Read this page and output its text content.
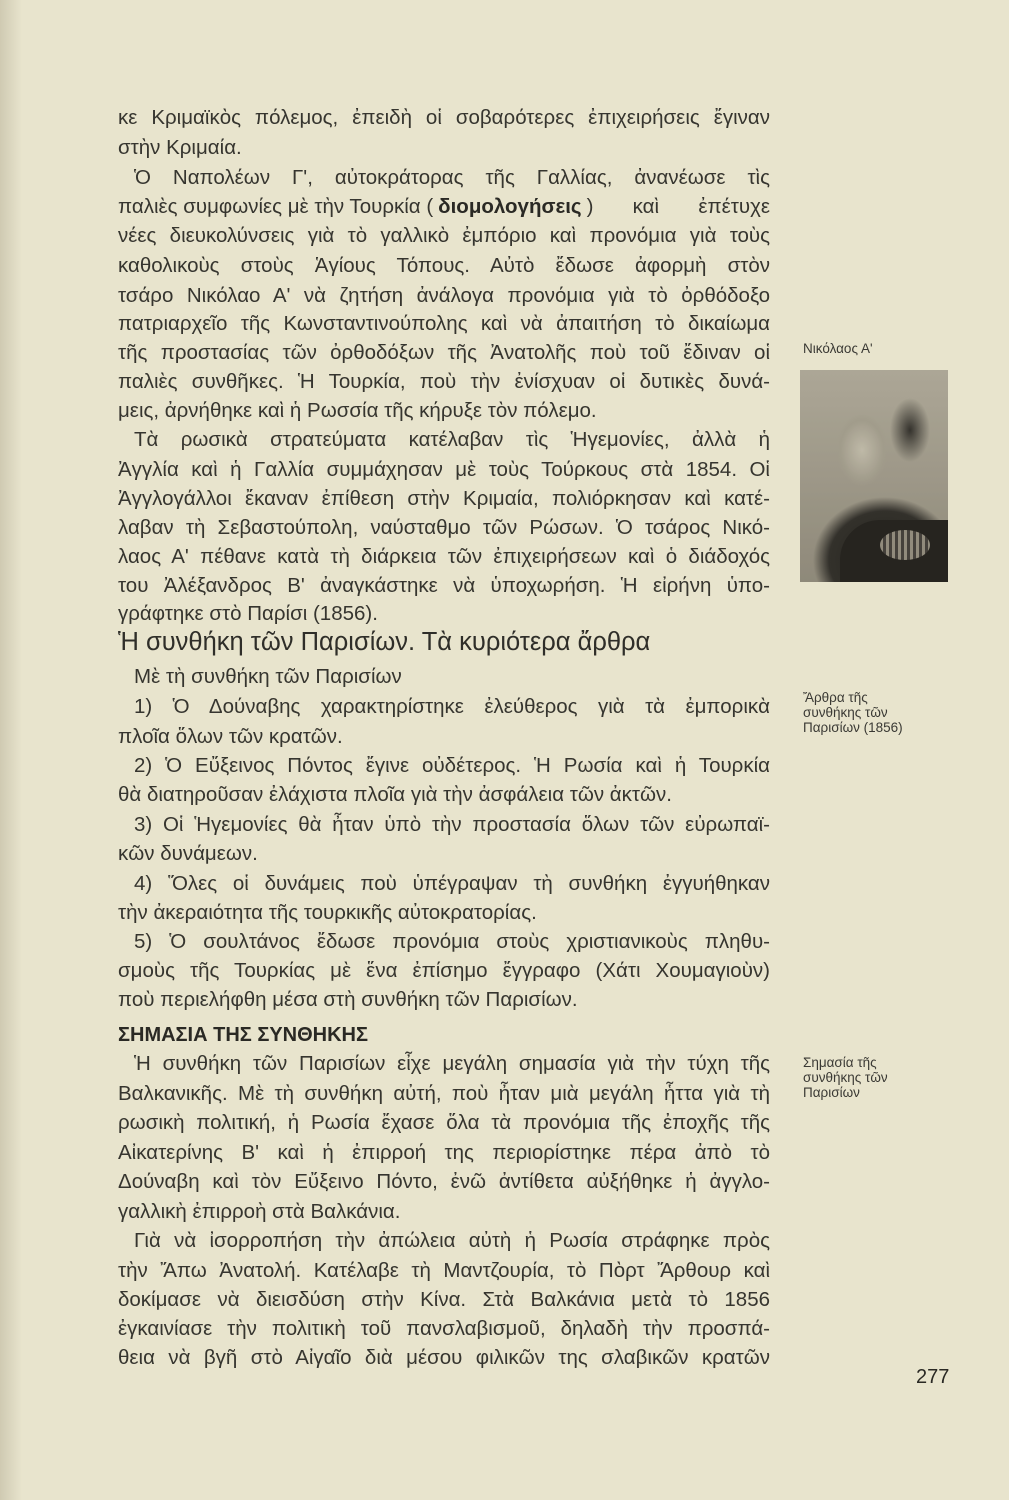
κε Κριμαϊκὸς πόλεμος, ἐπειδὴ οἱ σοβαρότερες ἐπιχειρήσεις ἔγιναν
στὴν Κριμαία.
Ὁ Ναπολέων Γ', αὐτοκράτορας τῆς Γαλλίας, ἀνανέωσε τὶς
παλιὲς συμφωνίες μὲ τὴν Τουρκία ( διομολογήσεις ) καὶ ἐπέτυχε
νέες διευκολύνσεις γιὰ τὸ γαλλικὸ ἐμπόριο καὶ προνόμια γιὰ τοὺς
καθολικοὺς στοὺς Ἁγίους Τόπους. Αὐτὸ ἔδωσε ἀφορμὴ στὸν
τσάρο Νικόλαο Α' νὰ ζητήση ἀνάλογα προνόμια γιὰ τὸ ὀρθόδοξο
πατριαρχεῖο τῆς Κωνσταντινούπολης καὶ νὰ ἀπαιτήση τὸ δικαίωμα
τῆς προστασίας τῶν ὀρθοδόξων τῆς Ἀνατολῆς ποὺ τοῦ ἔδιναν οἱ
παλιὲς συνθῆκες. Ἡ Τουρκία, ποὺ τὴν ἐνίσχυαν οἱ δυτικὲς δυνά-
μεις, ἀρνήθηκε καὶ ἡ Ρωσσία τῆς κήρυξε τὸν πόλεμο.
Τὰ ρωσικὰ στρατεύματα κατέλαβαν τὶς Ἡγεμονίες, ἀλλὰ ἡ
Ἀγγλία καὶ ἡ Γαλλία συμμάχησαν μὲ τοὺς Τούρκους στὰ 1854. Οἱ
Ἀγγλογάλλοι ἔκαναν ἐπίθεση στὴν Κριμαία, πολιόρκησαν καὶ κατέ-
λαβαν τὴ Σεβαστούπολη, ναύσταθμο τῶν Ρώσων. Ὁ τσάρος Νικό-
λαος Α' πέθανε κατὰ τὴ διάρκεια τῶν ἐπιχειρήσεων καὶ ὁ διάδοχός
του Ἀλέξανδρος Β' ἀναγκάστηκε νὰ ὑποχωρήση. Ἡ εἰρήνη ὑπο-
γράφτηκε στὸ Παρίσι (1856).
Ἡ συνθήκη τῶν Παρισίων. Τὰ κυριότερα ἄρθρα
Μὲ τὴ συνθήκη τῶν Παρισίων
1) Ὁ Δούναβης χαρακτηρίστηκε ἐλεύθερος γιὰ τὰ ἐμπορικὰ
πλοῖα ὅλων τῶν κρατῶν.
2) Ὁ Εὔξεινος Πόντος ἔγινε οὐδέτερος. Ἡ Ρωσία καὶ ἡ Τουρκία
θὰ διατηροῦσαν ἐλάχιστα πλοῖα γιὰ τὴν ἀσφάλεια τῶν ἀκτῶν.
3) Οἱ Ἡγεμονίες θὰ ἦταν ὑπὸ τὴν προστασία ὅλων τῶν εὐρωπαϊ-
κῶν δυνάμεων.
4) Ὅλες οἱ δυνάμεις ποὺ ὑπέγραψαν τὴ συνθήκη ἐγγυήθηκαν
τὴν ἀκεραιότητα τῆς τουρκικῆς αὐτοκρατορίας.
5) Ὁ σουλτάνος ἔδωσε προνόμια στοὺς χριστιανικοὺς πληθυ-
σμοὺς τῆς Τουρκίας μὲ ἕνα ἐπίσημο ἔγγραφο (Χάτι Χουμαγιοὺν)
ποὺ περιελήφθη μέσα στὴ συνθήκη τῶν Παρισίων.
ΣΗΜΑΣΙΑ ΤΗΣ ΣΥΝΘΗΚΗΣ
Ἡ συνθήκη τῶν Παρισίων εἶχε μεγάλη σημασία γιὰ τὴν τύχη τῆς
Βαλκανικῆς. Μὲ τὴ συνθήκη αὐτή, ποὺ ἦταν μιὰ μεγάλη ἧττα γιὰ τὴ
ρωσικὴ πολιτική, ἡ Ρωσία ἔχασε ὅλα τὰ προνόμια τῆς ἐποχῆς τῆς
Αἰκατερίνης Β' καὶ ἡ ἐπιρροή της περιορίστηκε πέρα ἀπὸ τὸ
Δούναβη καὶ τὸν Εὔξεινο Πόντο, ἐνῶ ἀντίθετα αὐξήθηκε ἡ ἀγγλο-
γαλλικὴ ἐπιρροὴ στὰ Βαλκάνια.
Γιὰ νὰ ἰσορροπήση τὴν ἀπώλεια αὐτὴ ἡ Ρωσία στράφηκε πρὸς
τὴν Ἄπω Ἀνατολή. Κατέλαβε τὴ Μαντζουρία, τὸ Πὸρτ Ἄρθουρ καὶ
δοκίμασε νὰ διεισδύση στὴν Κίνα. Στὰ Βαλκάνια μετὰ τὸ 1856
ἐγκαινίασε τὴν πολιτικὴ τοῦ πανσλαβισμοῦ, δηλαδὴ τὴν προσπά-
θεια νὰ βγῆ στὸ Αἰγαῖο διὰ μέσου φιλικῶν της σλαβικῶν κρατῶν
Νικόλαος Α'
Ἄρθρα τῆς
συνθήκης τῶν
Παρισίων (1856)
Σημασία τῆς
συνθήκης τῶν
Παρισίων
277
